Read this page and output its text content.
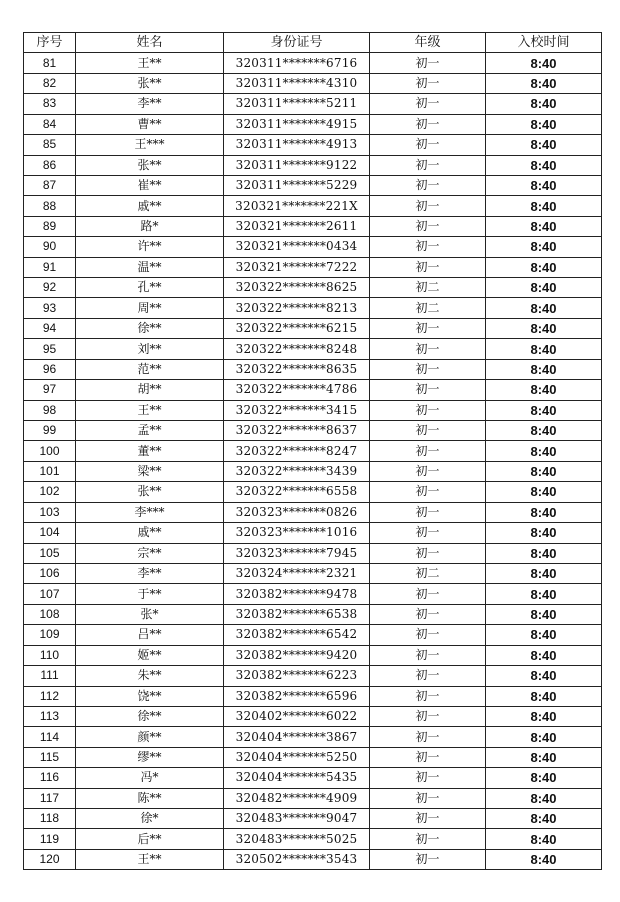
序号	姓名	身份证号	年级	入校时间
81	王**	320311*******6716	初一	8:40
82	张**	320311*******4310	初一	8:40
83	李**	320311*******5211	初一	8:40
84	曹**	320311*******4915	初一	8:40
85	王***	320311*******4913	初一	8:40
86	张**	320311*******9122	初一	8:40
87	崔**	320311*******5229	初一	8:40
88	戚**	320321*******221X	初一	8:40
89	路*	320321*******2611	初一	8:40
90	许**	320321*******0434	初一	8:40
91	温**	320321*******7222	初一	8:40
92	孔**	320322*******8625	初二	8:40
93	周**	320322*******8213	初二	8:40
94	徐**	320322*******6215	初一	8:40
95	刘**	320322*******8248	初一	8:40
96	范**	320322*******8635	初一	8:40
97	胡**	320322*******4786	初一	8:40
98	王**	320322*******3415	初一	8:40
99	孟**	320322*******8637	初一	8:40
100	董**	320322*******8247	初一	8:40
101	梁**	320322*******3439	初一	8:40
102	张**	320322*******6558	初一	8:40
103	李***	320323*******0826	初一	8:40
104	戚**	320323*******1016	初一	8:40
105	宗**	320323*******7945	初一	8:40
106	李**	320324*******2321	初二	8:40
107	于**	320382*******9478	初一	8:40
108	张*	320382*******6538	初一	8:40
109	吕**	320382*******6542	初一	8:40
110	姬**	320382*******9420	初一	8:40
111	朱**	320382*******6223	初一	8:40
112	饶**	320382*******6596	初一	8:40
113	徐**	320402*******6022	初一	8:40
114	颜**	320404*******3867	初一	8:40
115	缪**	320404*******5250	初一	8:40
116	冯*	320404*******5435	初一	8:40
117	陈**	320482*******4909	初一	8:40
118	徐*	320483*******9047	初一	8:40
119	后**	320483*******5025	初一	8:40
120	王**	320502*******3543	初一	8:40
